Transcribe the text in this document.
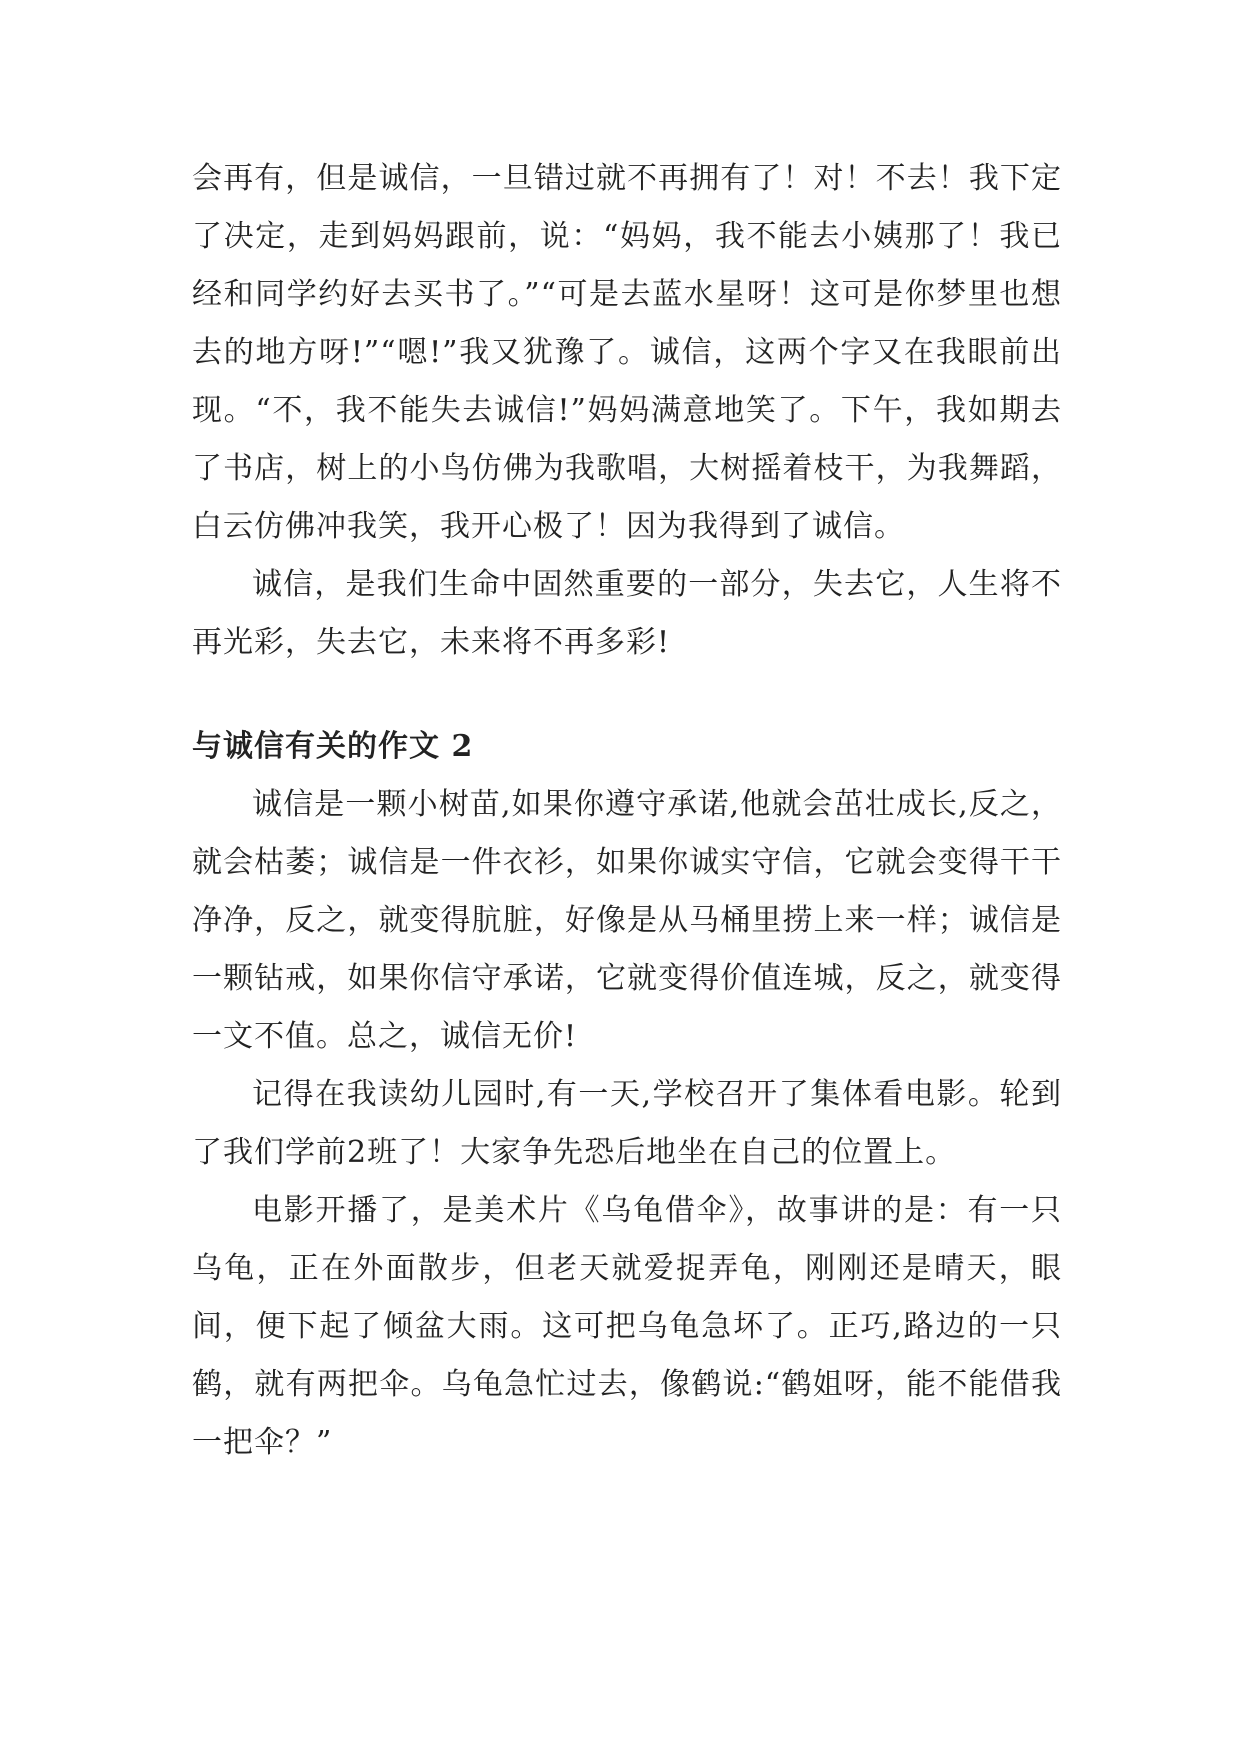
会再有，但是诚信，一旦错过就不再拥有了！对！不去！我下定了决定，走到妈妈跟前，说：“妈妈，我不能去小姨那了！我已经和同学约好去买书了。”“可是去蓝水星呀！这可是你梦里也想去的地方呀!”“嗯!”我又犹豫了。诚信，这两个字又在我眼前出现。“不，我不能失去诚信!”妈妈满意地笑了。下午，我如期去了书店，树上的小鸟仿佛为我歌唱，大树摇着枝干，为我舞蹈，白云仿佛冲我笑，我开心极了！因为我得到了诚信。

诚信，是我们生命中固然重要的一部分，失去它，人生将不再光彩，失去它，未来将不再多彩!

与诚信有关的作文 2

诚信是一颗小树苗,如果你遵守承诺,他就会茁壮成长,反之，就会枯萎；诚信是一件衣衫，如果你诚实守信，它就会变得干干净净，反之，就变得肮脏，好像是从马桶里捞上来一样；诚信是一颗钻戒，如果你信守承诺，它就变得价值连城，反之，就变得一文不值。总之，诚信无价!

记得在我读幼儿园时,有一天,学校召开了集体看电影。轮到了我们学前2班了！大家争先恐后地坐在自己的位置上。

电影开播了，是美术片《乌龟借伞》，故事讲的是：有一只乌龟，正在外面散步，但老天就爱捉弄龟，刚刚还是晴天，眼间，便下起了倾盆大雨。这可把乌龟急坏了。正巧,路边的一只鹤，就有两把伞。乌龟急忙过去，像鹤说:“鹤姐呀，能不能借我一把伞？”
